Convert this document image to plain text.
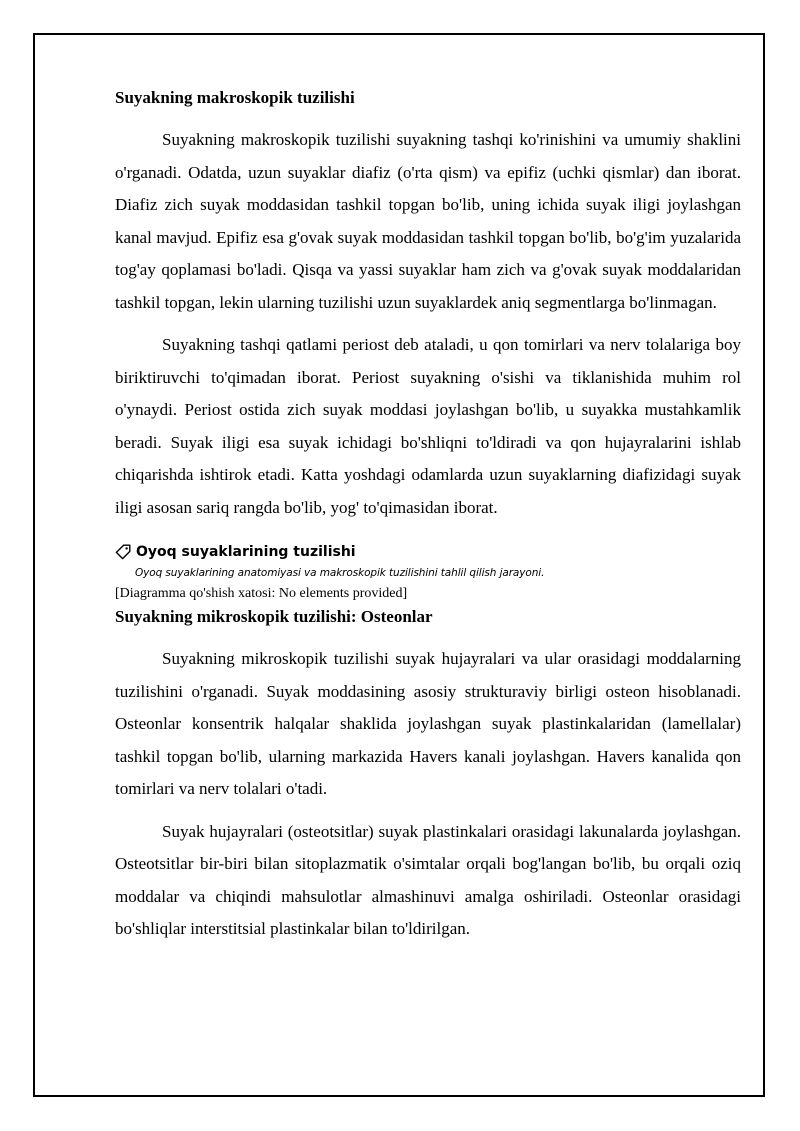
Suyakning makroskopik tuzilishi

Suyakning makroskopik tuzilishi suyakning tashqi ko'rinishini va umumiy shaklini o'rganadi. Odatda, uzun suyaklar diafiz (o'rta qism) va epifiz (uchki qismlar) dan iborat. Diafiz zich suyak moddasidan tashkil topgan bo'lib, uning ichida suyak iligi joylashgan kanal mavjud. Epifiz esa g'ovak suyak moddasidan tashkil topgan bo'lib, bo'g'im yuzalarida tog'ay qoplamasi bo'ladi. Qisqa va yassi suyaklar ham zich va g'ovak suyak moddalaridan tashkil topgan, lekin ularning tuzilishi uzun suyaklardek aniq segmentlarga bo'linmagan.

Suyakning tashqi qatlami periost deb ataladi, u qon tomirlari va nerv tolalariga boy biriktiruvchi to'qimadan iborat. Periost suyakning o'sishi va tiklanishida muhim rol o'ynaydi. Periost ostida zich suyak moddasi joylashgan bo'lib, u suyakka mustahkamlik beradi. Suyak iligi esa suyak ichidagi bo'shliqni to'ldiradi va qon hujayralarini ishlab chiqarishda ishtirok etadi. Katta yoshdagi odamlarda uzun suyaklarning diafizidagi suyak iligi asosan sariq rangda bo'lib, yog' to'qimasidan iborat.

Oyoq suyaklarining tuzilishi
Oyoq suyaklarining anatomiyasi va makroskopik tuzilishini tahlil qilish jarayoni.
[Diagramma qo'shish xatosi: No elements provided]
Suyakning mikroskopik tuzilishi: Osteonlar

Suyakning mikroskopik tuzilishi suyak hujayralari va ular orasidagi moddalarning tuzilishini o'rganadi. Suyak moddasining asosiy strukturaviy birligi osteon hisoblanadi. Osteonlar konsentrik halqalar shaklida joylashgan suyak plastinkalaridan (lamellalar) tashkil topgan bo'lib, ularning markazida Havers kanali joylashgan. Havers kanalida qon tomirlari va nerv tolalari o'tadi.

Suyak hujayralari (osteotsitlar) suyak plastinkalari orasidagi lakunalarda joylashgan. Osteotsitlar bir-biri bilan sitoplazmatik o'simtalar orqali bog'langan bo'lib, bu orqali oziq moddalar va chiqindi mahsulotlar almashinuvi amalga oshiriladi. Osteonlar orasidagi bo'shliqlar interstitsial plastinkalar bilan to'ldirilgan.
